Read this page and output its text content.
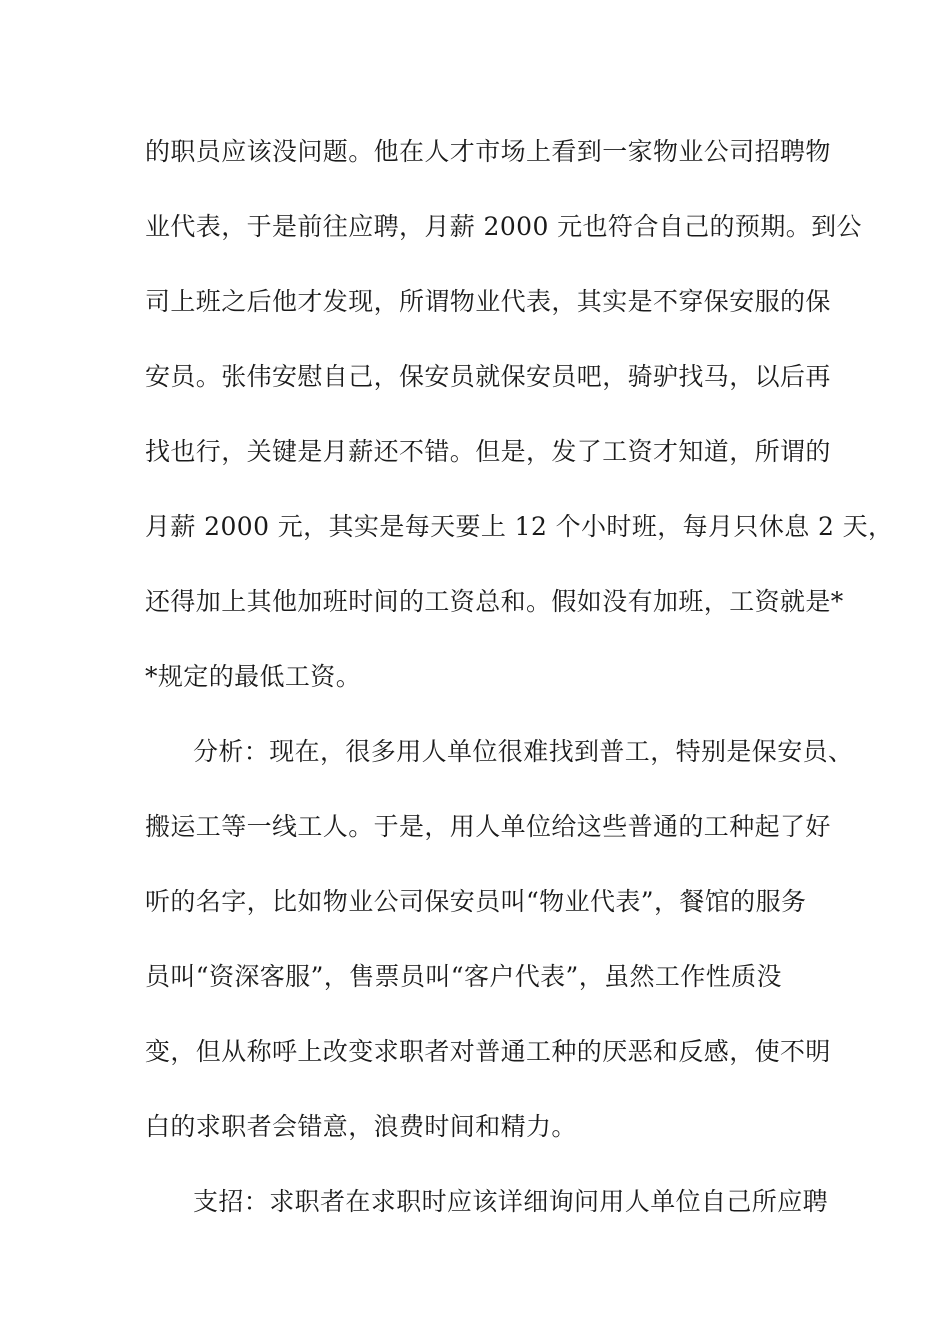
的职员应该没问题。他在人才市场上看到一家物业公司招聘物
业代表，于是前往应聘，月薪 2000 元也符合自己的预期。到公
司上班之后他才发现，所谓物业代表，其实是不穿保安服的保
安员。张伟安慰自己，保安员就保安员吧，骑驴找马，以后再
找也行，关键是月薪还不错。但是，发了工资才知道，所谓的
月薪 2000 元，其实是每天要上 12 个小时班，每月只休息 2 天，
还得加上其他加班时间的工资总和。假如没有加班，工资就是*
*规定的最低工资。
分析：现在，很多用人单位很难找到普工，特别是保安员、
搬运工等一线工人。于是，用人单位给这些普通的工种起了好
听的名字，比如物业公司保安员叫“物业代表”，餐馆的服务
员叫“资深客服”，售票员叫“客户代表”，虽然工作性质没
变，但从称呼上改变求职者对普通工种的厌恶和反感，使不明
白的求职者会错意，浪费时间和精力。
支招：求职者在求职时应该详细询问用人单位自己所应聘
